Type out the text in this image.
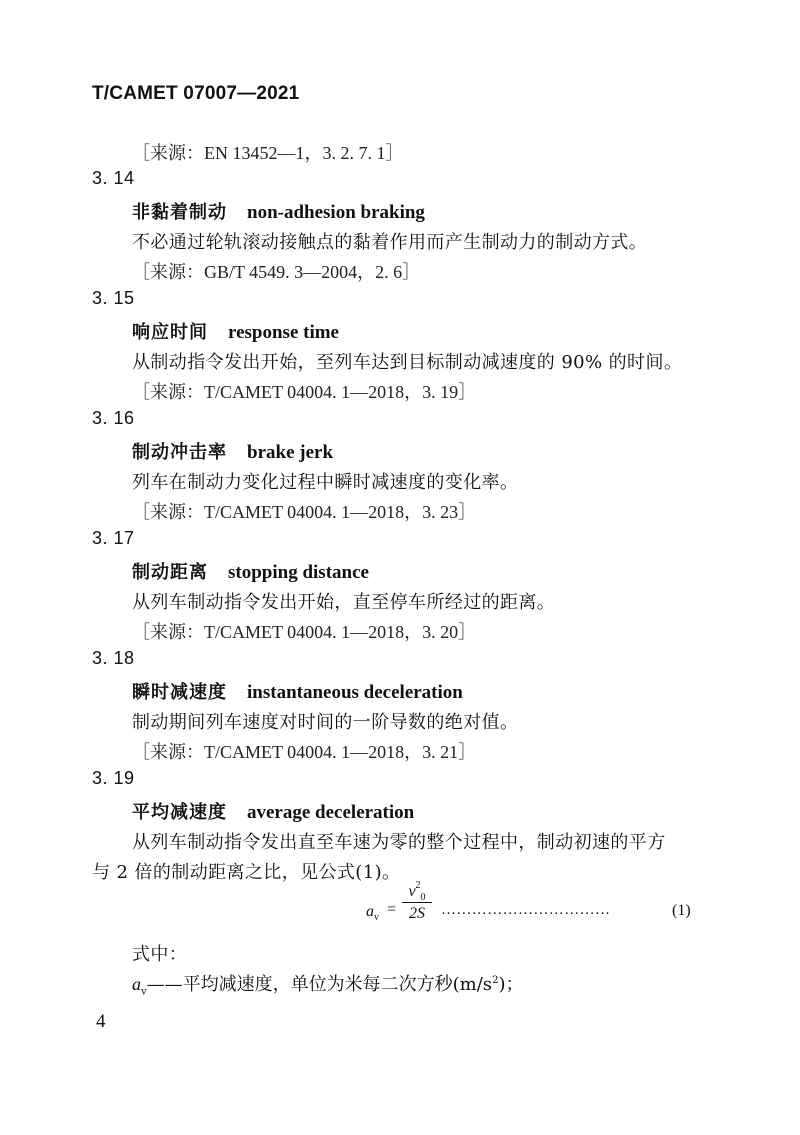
T/CAMET 07007—2021
［来源：EN 13452—1，3. 2. 7. 1］
3. 14
非黏着制动 non-adhesion braking
不必通过轮轨滚动接触点的黏着作用而产生制动力的制动方式。
［来源：GB/T 4549. 3—2004，2. 6］
3. 15
响应时间 response time
从制动指令发出开始，至列车达到目标制动减速度的 90% 的时间。
［来源：T/CAMET 04004. 1—2018，3. 19］
3. 16
制动冲击率 brake jerk
列车在制动力变化过程中瞬时减速度的变化率。
［来源：T/CAMET 04004. 1—2018，3. 23］
3. 17
制动距离 stopping distance
从列车制动指令发出开始，直至停车所经过的距离。
［来源：T/CAMET 04004. 1—2018，3. 20］
3. 18
瞬时减速度 instantaneous deceleration
制动期间列车速度对时间的一阶导数的绝对值。
［来源：T/CAMET 04004. 1—2018，3. 21］
3. 19
平均减速度 average deceleration
从列车制动指令发出直至车速为零的整个过程中，制动初速的平方
与 2 倍的制动距离之比，见公式(1)。
$a_v$ =
$v^2_0$
2S	……………………………	(1)
式中：
$a_v——$平均减速度，单位为米每二次方秒$(m/s^2)$；
4
